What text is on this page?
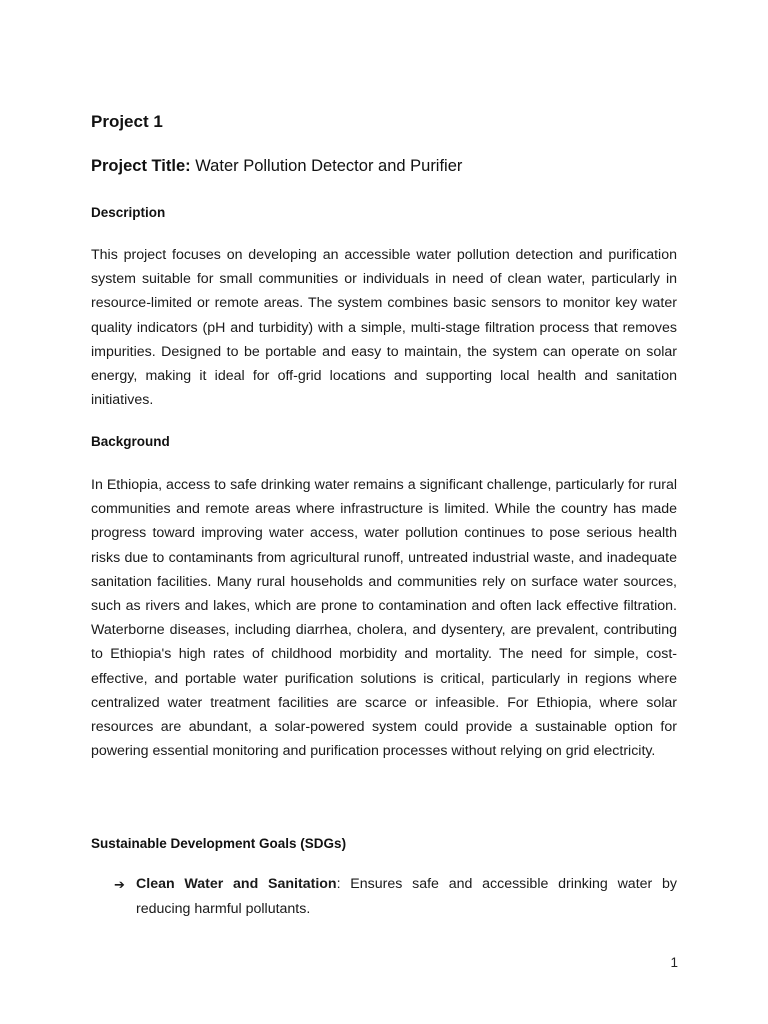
Project 1

Project Title: Water Pollution Detector and Purifier

Description

This project focuses on developing an accessible water pollution detection and purification system suitable for small communities or individuals in need of clean water, particularly in resource-limited or remote areas. The system combines basic sensors to monitor key water quality indicators (pH and turbidity) with a simple, multi-stage filtration process that removes impurities. Designed to be portable and easy to maintain, the system can operate on solar energy, making it ideal for off-grid locations and supporting local health and sanitation initiatives.

Background

In Ethiopia, access to safe drinking water remains a significant challenge, particularly for rural communities and remote areas where infrastructure is limited. While the country has made progress toward improving water access, water pollution continues to pose serious health risks due to contaminants from agricultural runoff, untreated industrial waste, and inadequate sanitation facilities. Many rural households and communities rely on surface water sources, such as rivers and lakes, which are prone to contamination and often lack effective filtration. Waterborne diseases, including diarrhea, cholera, and dysentery, are prevalent, contributing to Ethiopia's high rates of childhood morbidity and mortality. The need for simple, cost-effective, and portable water purification solutions is critical, particularly in regions where centralized water treatment facilities are scarce or infeasible. For Ethiopia, where solar resources are abundant, a solar-powered system could provide a sustainable option for powering essential monitoring and purification processes without relying on grid electricity.

Sustainable Development Goals (SDGs)
➔ Clean Water and Sanitation: Ensures safe and accessible drinking water by reducing harmful pollutants.
1
